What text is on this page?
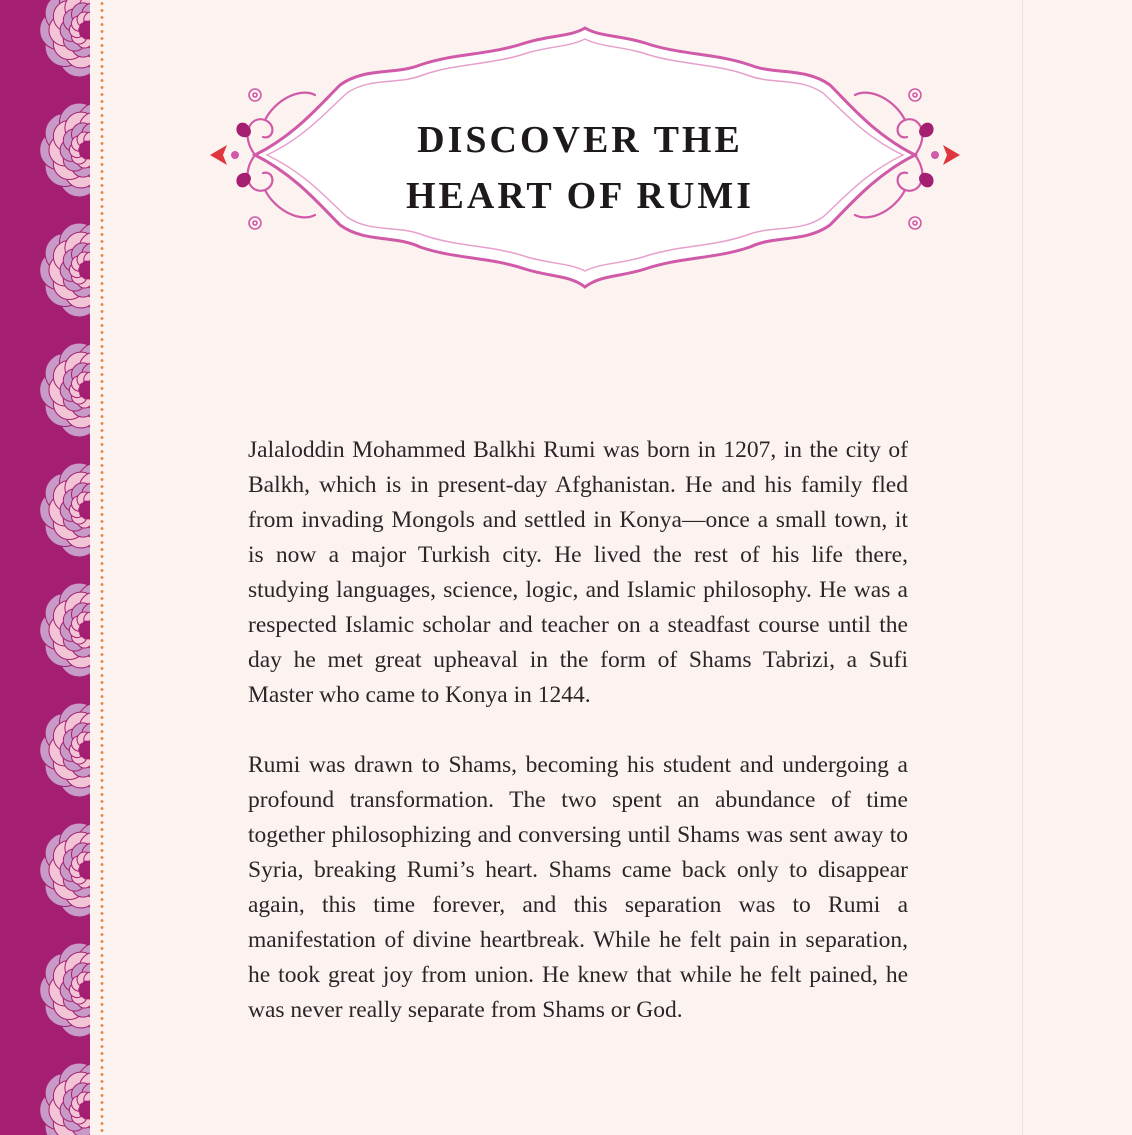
DISCOVER THE
HEART OF RUMI

Jalaloddin Mohammed Balkhi Rumi was born in 1207, in the city of Balkh, which is in present-day Afghanistan. He and his family fled from invading Mongols and settled in Konya—once a small town, it is now a major Turkish city. He lived the rest of his life there, studying languages, science, logic, and Islamic philosophy. He was a respected Islamic scholar and teacher on a steadfast course until the day he met great upheaval in the form of Shams Tabrizi, a Sufi Master who came to Konya in 1244.

Rumi was drawn to Shams, becoming his student and undergoing a profound transformation. The two spent an abundance of time together philosophizing and conversing until Shams was sent away to Syria, breaking Rumi’s heart. Shams came back only to disappear again, this time forever, and this separation was to Rumi a manifestation of divine heartbreak. While he felt pain in separation, he took great joy from union. He knew that while he felt pained, he was never really separate from Shams or God.
